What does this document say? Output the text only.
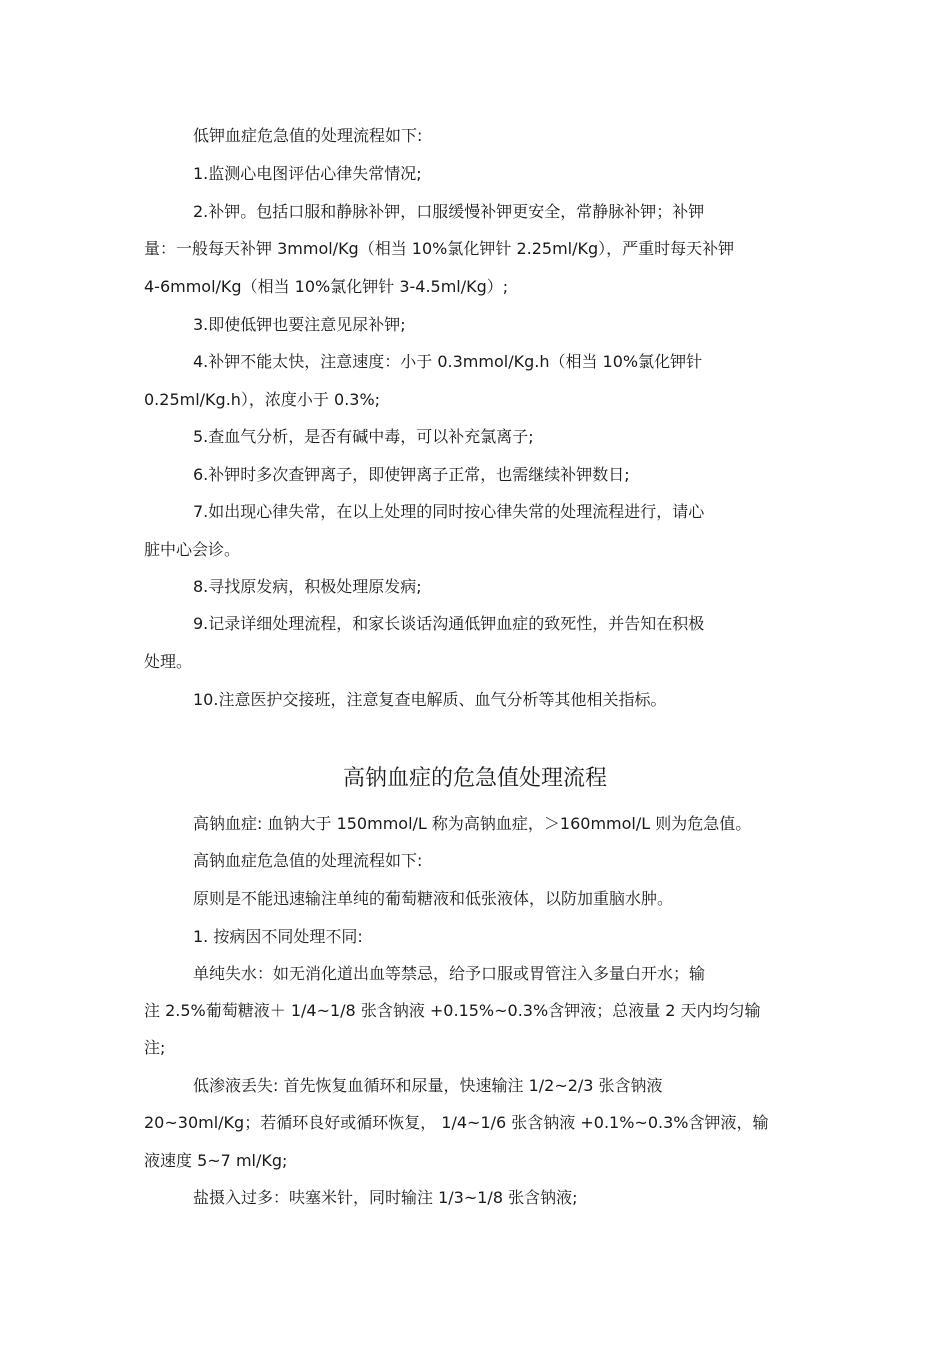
低钾血症危急值的处理流程如下:
1.监测心电图评估心律失常情况;
2.补钾。包括口服和静脉补钾，口服缓慢补钾更安全，常静脉补钾；补钾
量：一般每天补钾 3mmol/Kg（相当 10%氯化钾针 2.25ml/Kg），严重时每天补钾
4-6mmol/Kg（相当 10%氯化钾针 3-4.5ml/Kg）;
3.即使低钾也要注意见尿补钾;
4.补钾不能太快，注意速度：小于 0.3mmol/Kg.h（相当 10%氯化钾针
0.25ml/Kg.h），浓度小于 0.3%;
5.查血气分析，是否有碱中毒，可以补充氯离子;
6.补钾时多次查钾离子，即使钾离子正常，也需继续补钾数日;
7.如出现心律失常，在以上处理的同时按心律失常的处理流程进行，请心
脏中心会诊。
8.寻找原发病，积极处理原发病;
9.记录详细处理流程，和家长谈话沟通低钾血症的致死性，并告知在积极
处理。
10.注意医护交接班，注意复查电解质、血气分析等其他相关指标。
高钠血症的危急值处理流程
高钠血症: 血钠大于 150mmol/L 称为高钠血症，＞160mmol/L 则为危急值。
高钠血症危急值的处理流程如下:
原则是不能迅速输注单纯的葡萄糖液和低张液体，以防加重脑水肿。
1. 按病因不同处理不同:
单纯失水：如无消化道出血等禁忌，给予口服或胃管注入多量白开水；输
注 2.5%葡萄糖液＋ 1/4~1/8 张含钠液 +0.15%~0.3%含钾液；总液量 2 天内均匀输
注;
低渗液丢失: 首先恢复血循环和尿量，快速输注 1/2~2/3 张含钠液
20~30ml/Kg；若循环良好或循环恢复， 1/4~1/6 张含钠液 +0.1%~0.3%含钾液，输
液速度 5~7 ml/Kg;
盐摄入过多：呋塞米针，同时输注 1/3~1/8 张含钠液;
